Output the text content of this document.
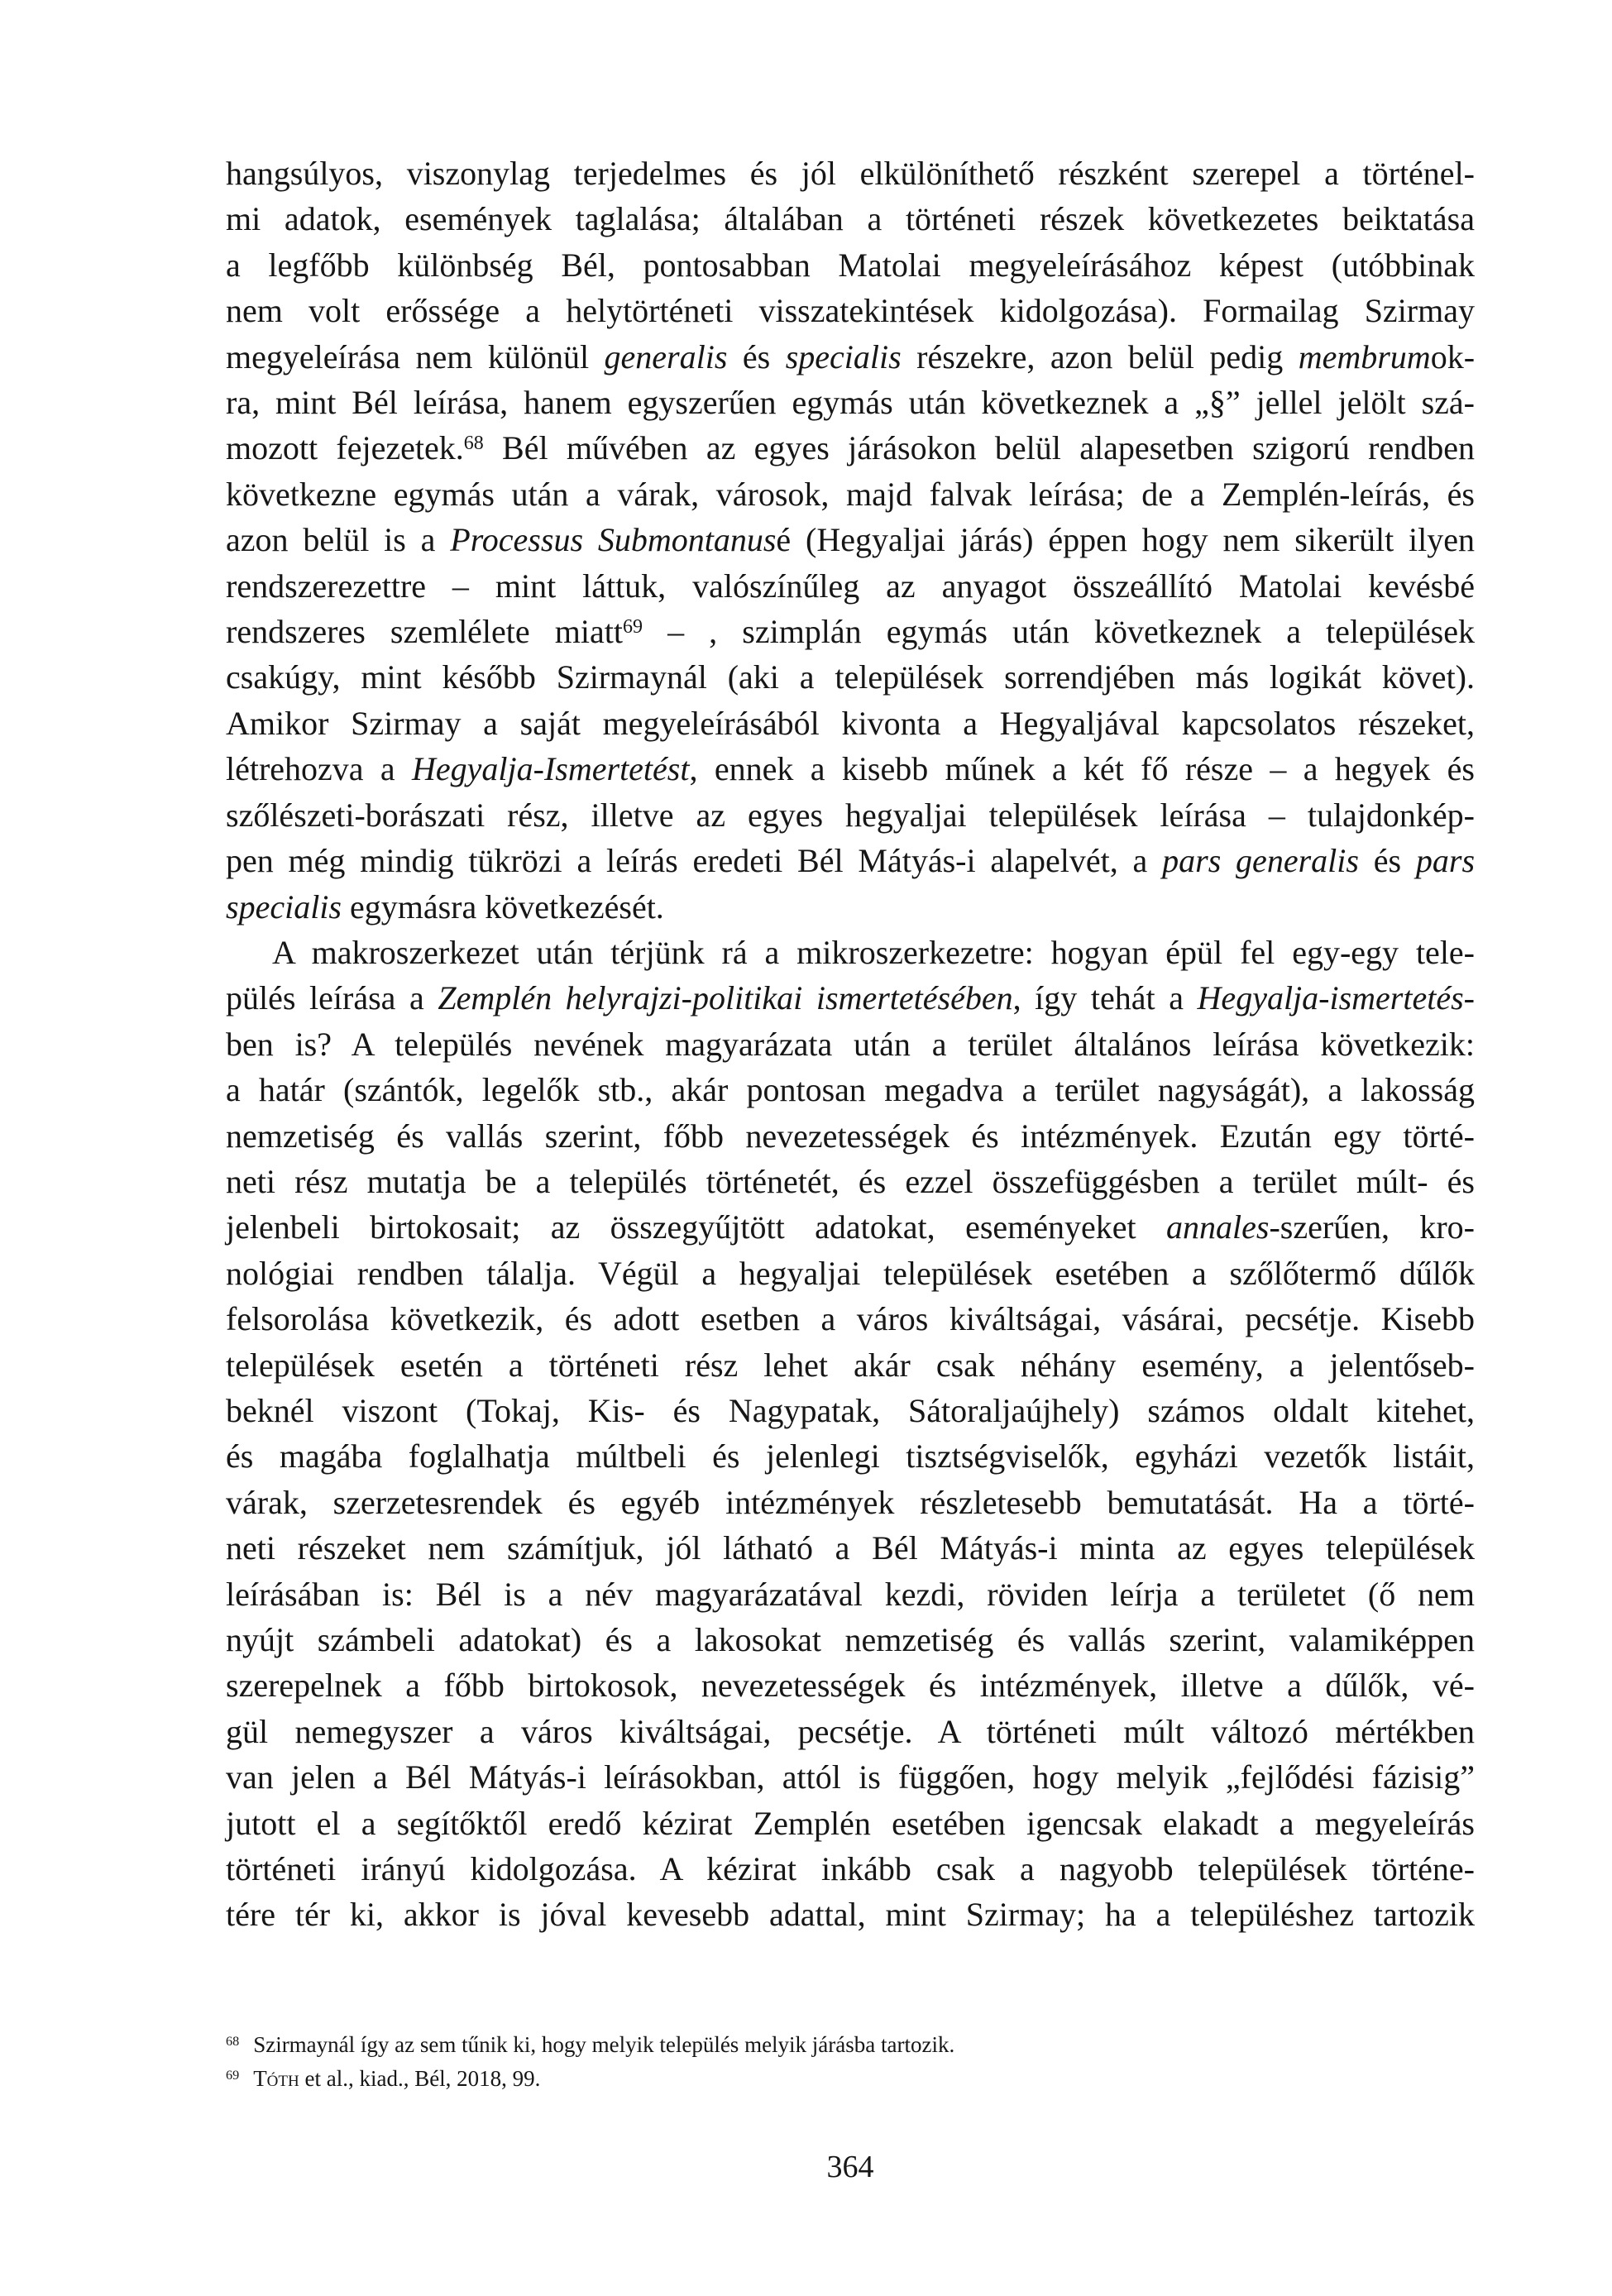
hangsúlyos, viszonylag terjedelmes és jól elkülöníthető részként szerepel a történel-
mi adatok, események taglalása; általában a történeti részek következetes beiktatása
a legfőbb különbség Bél, pontosabban Matolai megyeleírásához képest (utóbbinak
nem volt erőssége a helytörténeti visszatekintések kidolgozása). Formailag Szirmay
megyeleírása nem különül generalis és specialis részekre, azon belül pedig membrumok-
ra, mint Bél leírása, hanem egyszerűen egymás után következnek a „§” jellel jelölt szá-
mozott fejezetek.$^{68}$ Bél művében az egyes járásokon belül alapesetben szigorú rendben
következne egymás után a várak, városok, majd falvak leírása; de a Zemplén-leírás, és
azon belül is a Processus Submontanusé (Hegyaljai járás) éppen hogy nem sikerült ilyen
rendszerezettre – mint láttuk, valószínűleg az anyagot összeállító Matolai kevésbé
rendszeres szemlélete miatt$^{69}$ – , szimplán egymás után következnek a települések
csakúgy, mint később Szirmaynál (aki a települések sorrendjében más logikát követ).
Amikor Szirmay a saját megyeleírásából kivonta a Hegyaljával kapcsolatos részeket,
létrehozva a Hegyalja-Ismertetést, ennek a kisebb műnek a két fő része – a hegyek és
szőlészeti-borászati rész, illetve az egyes hegyaljai települések leírása – tulajdonkép-
pen még mindig tükrözi a leírás eredeti Bél Mátyás-i alapelvét, a pars generalis és pars
specialis egymásra következését.
A makroszerkezet után térjünk rá a mikroszerkezetre: hogyan épül fel egy-egy tele-
pülés leírása a Zemplén helyrajzi-politikai ismertetésében, így tehát a Hegyalja-ismertetés-
ben is? A település nevének magyarázata után a terület általános leírása következik:
a határ (szántók, legelők stb., akár pontosan megadva a terület nagyságát), a lakosság
nemzetiség és vallás szerint, főbb nevezetességek és intézmények. Ezután egy törté-
neti rész mutatja be a település történetét, és ezzel összefüggésben a terület múlt- és
jelenbeli birtokosait; az összegyűjtött adatokat, eseményeket annales-szerűen, kro-
nológiai rendben tálalja. Végül a hegyaljai települések esetében a szőlőtermő dűlők
felsorolása következik, és adott esetben a város kiváltságai, vásárai, pecsétje. Kisebb
települések esetén a történeti rész lehet akár csak néhány esemény, a jelentőseb-
beknél viszont (Tokaj, Kis- és Nagypatak, Sátoraljaújhely) számos oldalt kitehet,
és magába foglalhatja múltbeli és jelenlegi tisztségviselők, egyházi vezetők listáit,
várak, szerzetesrendek és egyéb intézmények részletesebb bemutatását. Ha a törté-
neti részeket nem számítjuk, jól látható a Bél Mátyás-i minta az egyes települések
leírásában is: Bél is a név magyarázatával kezdi, röviden leírja a területet (ő nem
nyújt számbeli adatokat) és a lakosokat nemzetiség és vallás szerint, valamiképpen
szerepelnek a főbb birtokosok, nevezetességek és intézmények, illetve a dűlők, vé-
gül nemegyszer a város kiváltságai, pecsétje. A történeti múlt változó mértékben
van jelen a Bél Mátyás-i leírásokban, attól is függően, hogy melyik „fejlődési fázisig”
jutott el a segítőktől eredő kézirat Zemplén esetében igencsak elakadt a megyeleírás
történeti irányú kidolgozása. A kézirat inkább csak a nagyobb települések történe-
tére tér ki, akkor is jóval kevesebb adattal, mint Szirmay; ha a településhez tartozik
$^{68}$ Szirmaynál így az sem tűnik ki, hogy melyik település melyik járásba tartozik.
$^{69}$ Tóth et al., kiad., Bél, 2018, 99.
364
